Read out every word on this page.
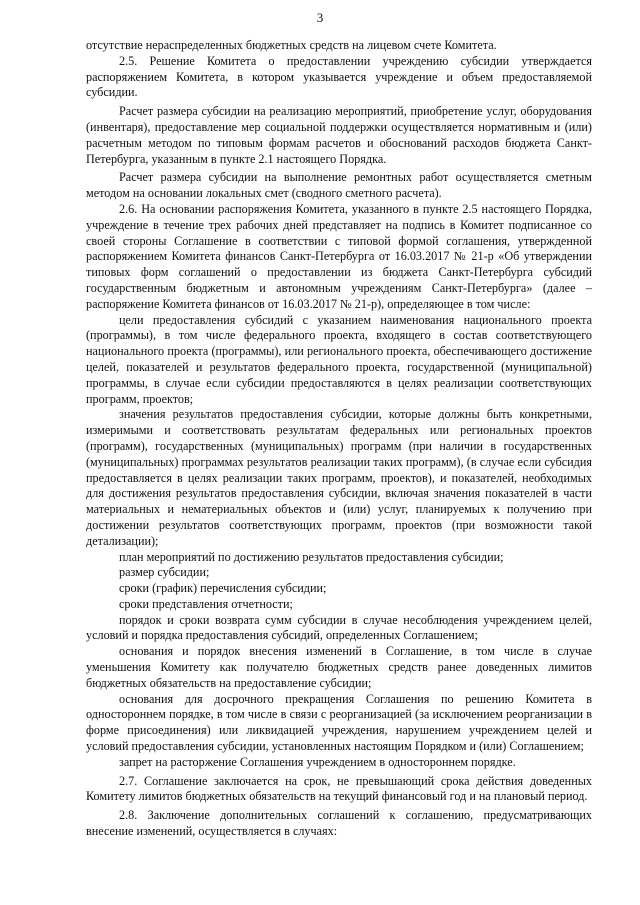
3

отсутствие нераспределенных бюджетных средств на лицевом счете Комитета.

2.5. Решение Комитета о предоставлении учреждению субсидии утверждается распоряжением Комитета, в котором указывается учреждение и объем предоставляемой субсидии.

Расчет размера субсидии на реализацию мероприятий, приобретение услуг, оборудования (инвентаря), предоставление мер социальной поддержки осуществляется нормативным и (или) расчетным методом по типовым формам расчетов и обоснований расходов бюджета Санкт-Петербурга, указанным в пункте 2.1 настоящего Порядка.

Расчет размера субсидии на выполнение ремонтных работ осуществляется сметным методом на основании локальных смет (сводного сметного расчета).

2.6. На основании распоряжения Комитета, указанного в пункте 2.5 настоящего Порядка, учреждение в течение трех рабочих дней представляет на подпись в Комитет подписанное со своей стороны Соглашение в соответствии с типовой формой соглашения, утвержденной распоряжением Комитета финансов Санкт-Петербурга от 16.03.2017 № 21-р «Об утверждении типовых форм соглашений о предоставлении из бюджета Санкт-Петербурга субсидий государственным бюджетным и автономным учреждениям Санкт-Петербурга» (далее – распоряжение Комитета финансов от 16.03.2017 № 21-р), определяющее в том числе:

цели предоставления субсидий с указанием наименования национального проекта (программы), в том числе федерального проекта, входящего в состав соответствующего национального проекта (программы), или регионального проекта, обеспечивающего достижение целей, показателей и результатов федерального проекта, государственной (муниципальной) программы, в случае если субсидии предоставляются в целях реализации соответствующих программ, проектов;

значения результатов предоставления субсидии, которые должны быть конкретными, измеримыми и соответствовать результатам федеральных или региональных проектов (программ), государственных (муниципальных) программ (при наличии в государственных (муниципальных) программах результатов реализации таких программ), (в случае если субсидия предоставляется в целях реализации таких программ, проектов), и показателей, необходимых для достижения результатов предоставления субсидии, включая значения показателей в части материальных и нематериальных объектов и (или) услуг, планируемых к получению при достижении результатов соответствующих программ, проектов (при возможности такой детализации);

план мероприятий по достижению результатов предоставления субсидии;

размер субсидии;

сроки (график) перечисления субсидии;

сроки представления отчетности;

порядок и сроки возврата сумм субсидии в случае несоблюдения учреждением целей, условий и порядка предоставления субсидий, определенных Соглашением;

основания и порядок внесения изменений в Соглашение, в том числе в случае уменьшения Комитету как получателю бюджетных средств ранее доведенных лимитов бюджетных обязательств на предоставление субсидии;

основания для досрочного прекращения Соглашения по решению Комитета в одностороннем порядке, в том числе в связи с реорганизацией (за исключением реорганизации в форме присоединения) или ликвидацией учреждения, нарушением учреждением целей и условий предоставления субсидии, установленных настоящим Порядком и (или) Соглашением;

запрет на расторжение Соглашения учреждением в одностороннем порядке.

2.7. Соглашение заключается на срок, не превышающий срока действия доведенных Комитету лимитов бюджетных обязательств на текущий финансовый год и на плановый период.

2.8. Заключение дополнительных соглашений к соглашению, предусматривающих внесение изменений, осуществляется в случаях:
